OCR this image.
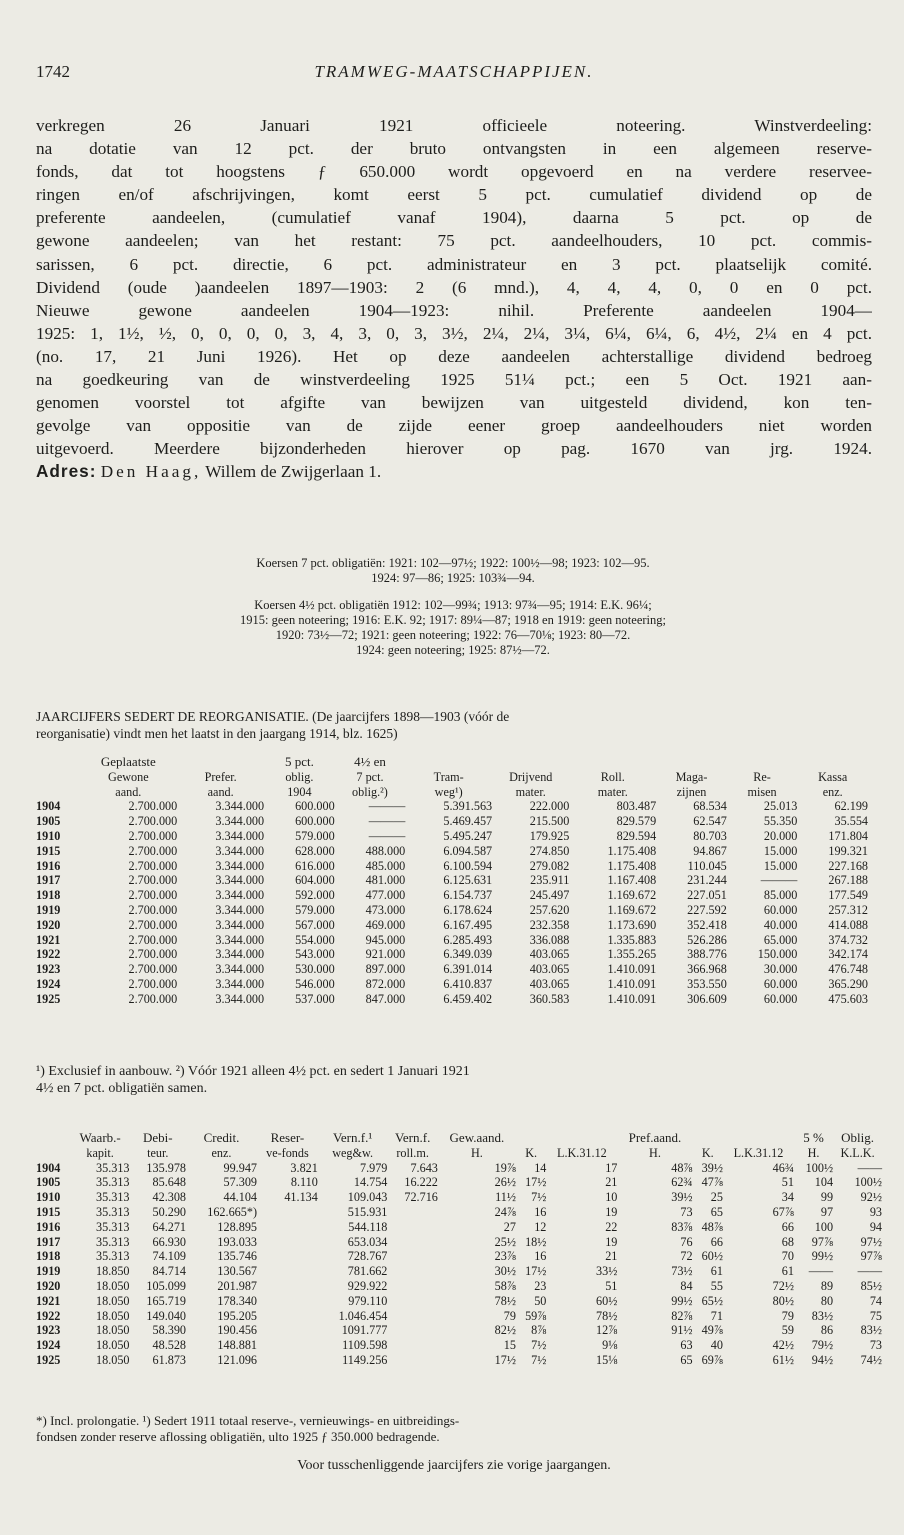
1742	TRAMWEG-MAATSCHAPPIJEN.
verkregen 26 Januari 1921 officieele noteering. Winstverdeeling:
na dotatie van 12 pct. der bruto ontvangsten in een algemeen reserve-
fonds, dat tot hoogstens ƒ 650.000 wordt opgevoerd en na verdere reservee-
ringen en/of afschrijvingen, komt eerst 5 pct. cumulatief dividend op de
preferente aandeelen, (cumulatief vanaf 1904), daarna 5 pct. op de
gewone aandeelen; van het restant: 75 pct. aandeelhouders, 10 pct. commis-
sarissen, 6 pct. directie, 6 pct. administrateur en 3 pct. plaatselijk comité.
Dividend (oude )aandeelen 1897—1903: 2 (6 mnd.), 4, 4, 4, 0, 0 en 0 pct.
Nieuwe gewone aandeelen 1904—1923: nihil. Preferente aandeelen 1904—
1925: 1, 1½, ½, 0, 0, 0, 0, 3, 4, 3, 0, 3, 3½, 2¼, 2¼, 3¼, 6¼, 6¼, 6, 4½, 2¼ en 4 pct.
(no. 17, 21 Juni 1926). Het op deze aandeelen achterstallige dividend bedroeg
na goedkeuring van de winstverdeeling 1925 51¼ pct.; een 5 Oct. 1921 aan-
genomen voorstel tot afgifte van bewijzen van uitgesteld dividend, kon ten-
gevolge van oppositie van de zijde eener groep aandeelhouders niet worden
uitgevoerd. Meerdere bijzonderheden hierover op pag. 1670 van jrg. 1924.
Adres: Den Haag, Willem de Zwijgerlaan 1.
Koersen 7 pct. obligatiën: 1921: 102—97½; 1922: 100½—98; 1923: 102—95.
1924: 97—86; 1925: 103¾—94.
Koersen 4½ pct. obligatiën 1912: 102—99¾; 1913: 97¾—95; 1914: E.K. 96¼;
1915: geen noteering; 1916: E.K. 92; 1917: 89¼—87; 1918 en 1919: geen noteering;
1920: 73½—72; 1921: geen noteering; 1922: 76—70⅛; 1923: 80—72.
1924: geen noteering; 1925: 87½—72.
JAARCIJFERS SEDERT DE REORGANISATIE. (De jaarcijfers 1898—1903 (vóór de
reorganisatie) vindt men het laatst in den jaargang 1914, blz. 1625)
	Geplaatste		5 pct.	4½ en						
	Gewone	Prefer.	oblig.	7 pct.	Tram-	Drijvend	Roll.	Maga-	Re-	Kassa
	aand.	aand.	1904	oblig.²)	weg¹)	mater.	mater.	zijnen	misen	enz.
1904	2.700.000	3.344.000	600.000	———	5.391.563	222.000	803.487	68.534	25.013	62.199
1905	2.700.000	3.344.000	600.000	———	5.469.457	215.500	829.579	62.547	55.350	35.554
1910	2.700.000	3.344.000	579.000	———	5.495.247	179.925	829.594	80.703	20.000	171.804
1915	2.700.000	3.344.000	628.000	488.000	6.094.587	274.850	1.175.408	94.867	15.000	199.321
1916	2.700.000	3.344.000	616.000	485.000	6.100.594	279.082	1.175.408	110.045	15.000	227.168
1917	2.700.000	3.344.000	604.000	481.000	6.125.631	235.911	1.167.408	231.244	———	267.188
1918	2.700.000	3.344.000	592.000	477.000	6.154.737	245.497	1.169.672	227.051	85.000	177.549
1919	2.700.000	3.344.000	579.000	473.000	6.178.624	257.620	1.169.672	227.592	60.000	257.312
1920	2.700.000	3.344.000	567.000	469.000	6.167.495	232.358	1.173.690	352.418	40.000	414.088
1921	2.700.000	3.344.000	554.000	945.000	6.285.493	336.088	1.335.883	526.286	65.000	374.732
1922	2.700.000	3.344.000	543.000	921.000	6.349.039	403.065	1.355.265	388.776	150.000	342.174
1923	2.700.000	3.344.000	530.000	897.000	6.391.014	403.065	1.410.091	366.968	30.000	476.748
1924	2.700.000	3.344.000	546.000	872.000	6.410.837	403.065	1.410.091	353.550	60.000	365.290
1925	2.700.000	3.344.000	537.000	847.000	6.459.402	360.583	1.410.091	306.609	60.000	475.603
¹) Exclusief in aanbouw. ²) Vóór 1921 alleen 4½ pct. en sedert 1 Januari 1921
4½ en 7 pct. obligatiën samen.
	Waarb.-	Debi-	Credit.	Reser-	Vern.f.¹	Vern.f.	Gew.aand.			Pref.aand.			5 %	Oblig.
	kapit.	teur.	enz.	ve-fonds	weg&w.	roll.m.	H.	K.	L.K.31.12	H.	K.	L.K.31.12	H.	K.L.K.
1904	35.313	135.978	99.947	3.821	7.979	7.643	19⅞	14	17	48⅞	39½	46¾	100½	——
1905	35.313	85.648	57.309	8.110	14.754	16.222	26½	17½	21	62¾	47⅞	51	104	100½
1910	35.313	42.308	44.104	41.134	109.043	72.716	11½	7½	10	39½	25	34	99	92½
1915	35.313	50.290	162.665*)		515.931		24⅞	16	19	73	65	67⅞	97	93
1916	35.313	64.271	128.895		544.118		27	12	22	83⅞	48⅞	66	100	94
1917	35.313	66.930	193.033		653.034		25½	18½	19	76	66	68	97⅞	97½
1918	35.313	74.109	135.746		728.767		23⅞	16	21	72	60½	70	99½	97⅞
1919	18.850	84.714	130.567		781.662		30½	17½	33½	73½	61	61	——	——
1920	18.050	105.099	201.987		929.922		58⅞	23	51	84	55	72½	89	85½
1921	18.050	165.719	178.340		979.110		78½	50	60½	99½	65½	80½	80	74
1922	18.050	149.040	195.205		1.046.454		79	59⅞	78½	82⅞	71	79	83½	75
1923	18.050	58.390	190.456		1091.777		82½	8⅞	12⅞	91½	49⅞	59	86	83½
1924	18.050	48.528	148.881		1109.598		15	7½	9⅛	63	40	42½	79½	73
1925	18.050	61.873	121.096		1149.256		17½	7½	15⅛	65	69⅞	61½	94½	74½
*) Incl. prolongatie. ¹) Sedert 1911 totaal reserve-, vernieuwings- en uitbreidings-
fondsen zonder reserve aflossing obligatiën, ulto 1925 ƒ 350.000 bedragende.
Voor tusschenliggende jaarcijfers zie vorige jaargangen.
